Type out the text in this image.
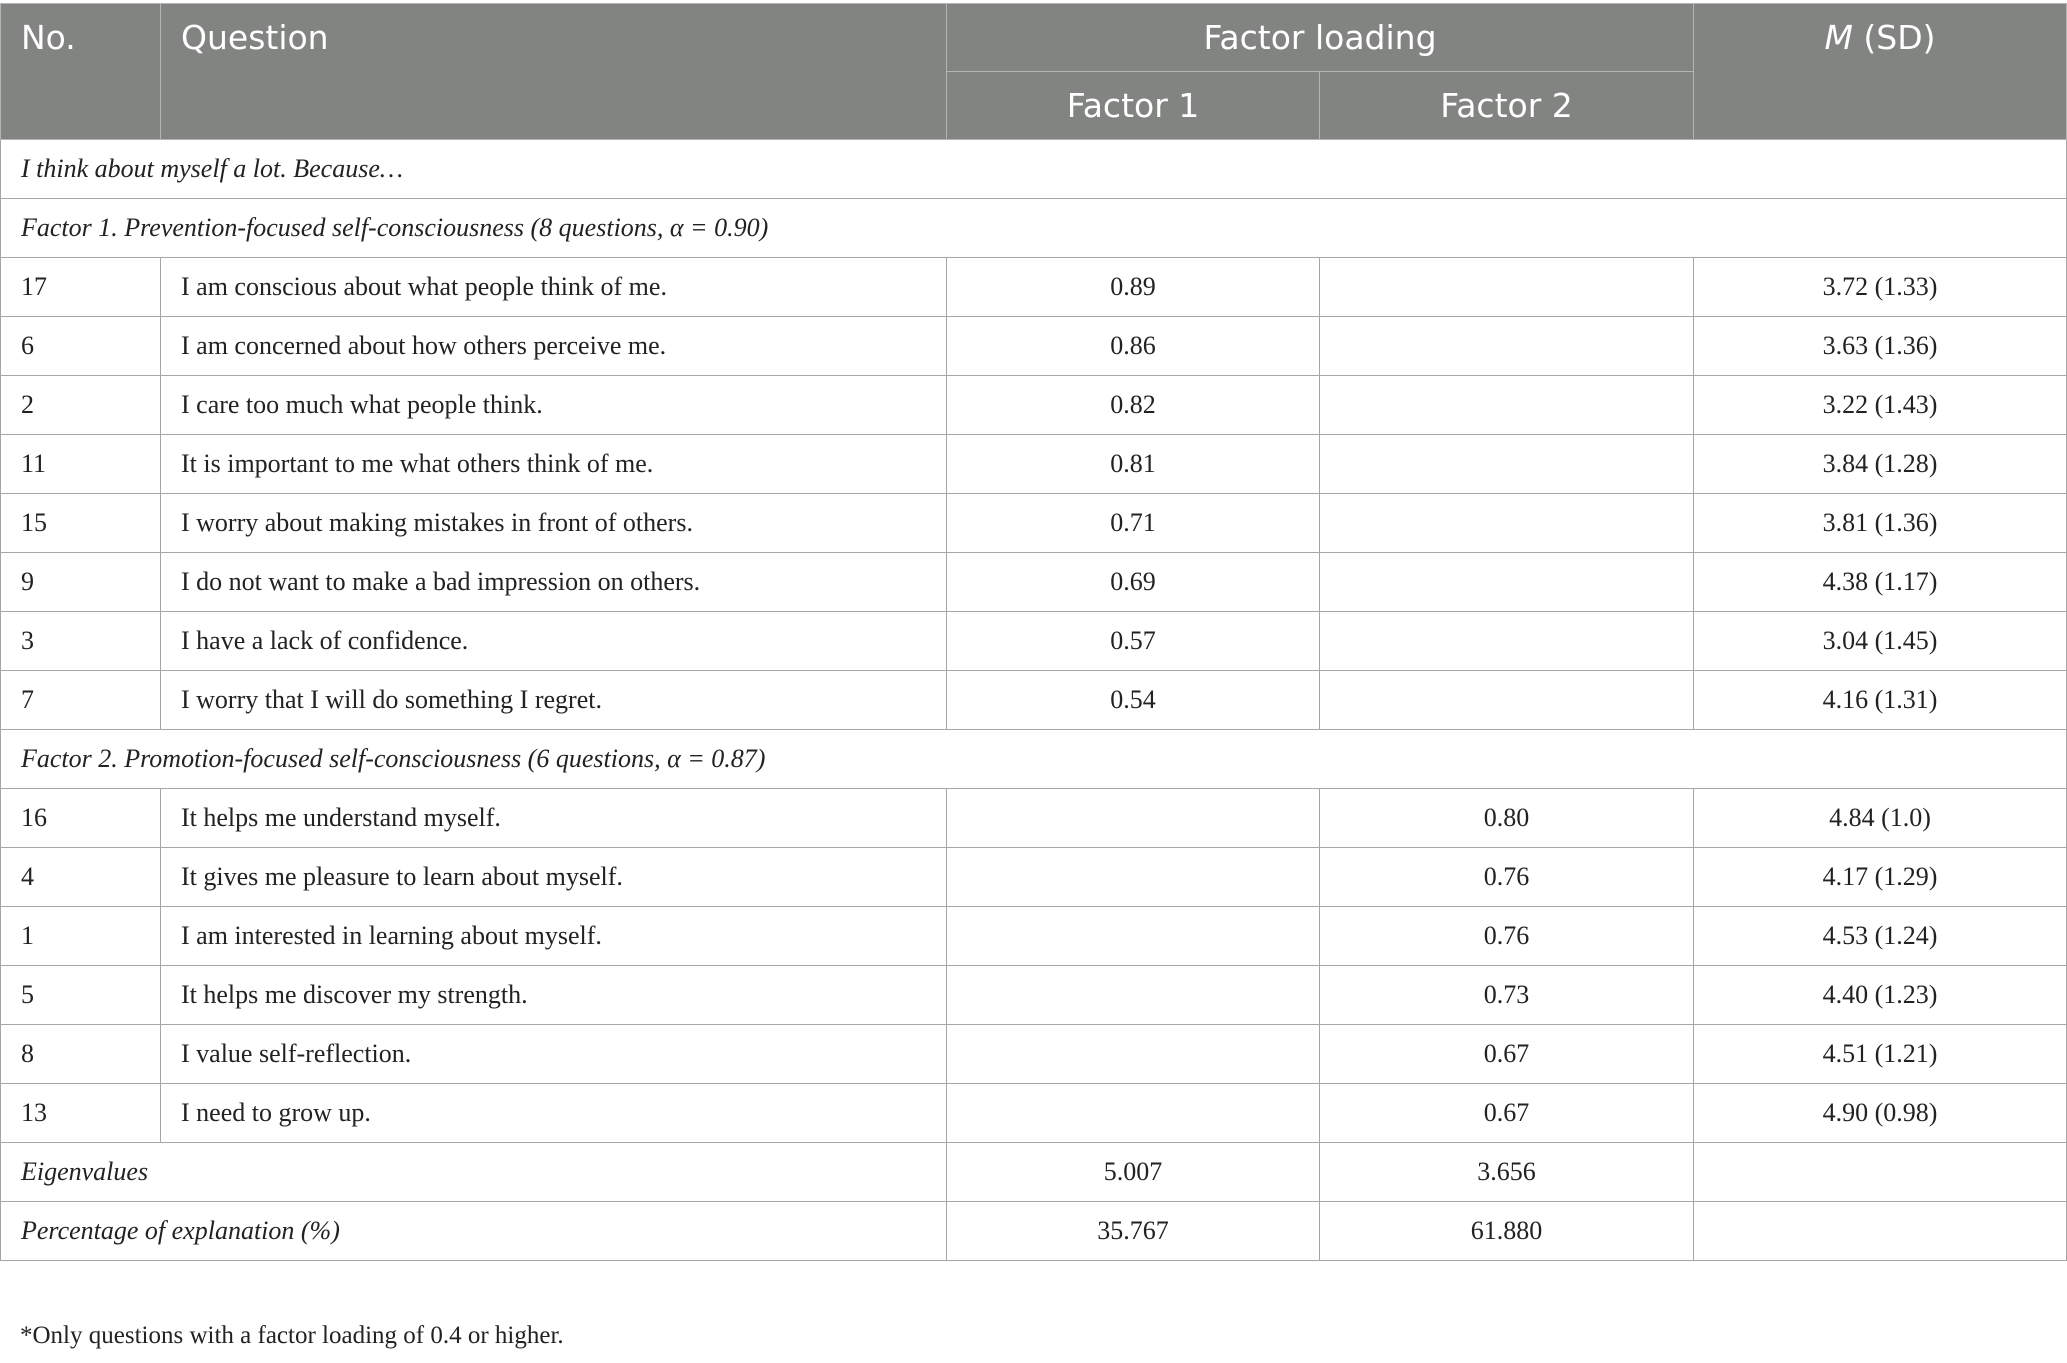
No.	Question	Factor loading		M (SD)
		Factor 1	Factor 2	
I think about myself a lot. Because…				
Factor 1. Prevention-focused self-consciousness (8 questions, α = 0.90)				
17	I am conscious about what people think of me.	0.89		3.72 (1.33)
6	I am concerned about how others perceive me.	0.86		3.63 (1.36)
2	I care too much what people think.	0.82		3.22 (1.43)
11	It is important to me what others think of me.	0.81		3.84 (1.28)
15	I worry about making mistakes in front of others.	0.71		3.81 (1.36)
9	I do not want to make a bad impression on others.	0.69		4.38 (1.17)
3	I have a lack of confidence.	0.57		3.04 (1.45)
7	I worry that I will do something I regret.	0.54		4.16 (1.31)
Factor 2. Promotion-focused self-consciousness (6 questions, α = 0.87)				
16	It helps me understand myself.		0.80	4.84 (1.0)
4	It gives me pleasure to learn about myself.		0.76	4.17 (1.29)
1	I am interested in learning about myself.		0.76	4.53 (1.24)
5	It helps me discover my strength.		0.73	4.40 (1.23)
8	I value self-reflection.		0.67	4.51 (1.21)
13	I need to grow up.		0.67	4.90 (0.98)
Eigenvalues		5.007	3.656	
Percentage of explanation (%)		35.767	61.880	
*Only questions with a factor loading of 0.4 or higher.
